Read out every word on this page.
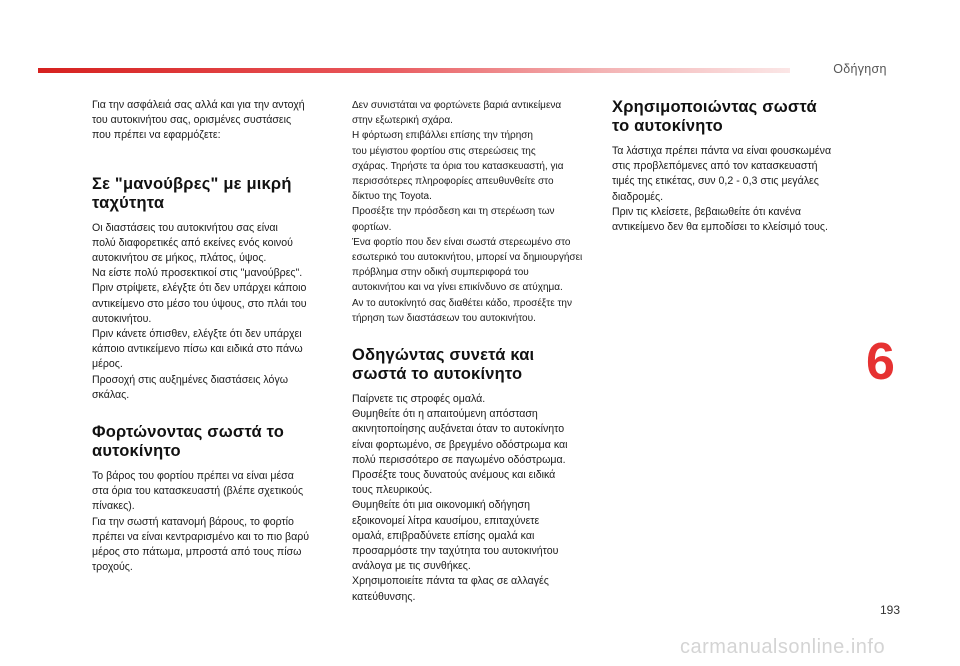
Οδήγηση
6
193

Για την ασφάλειά σας αλλά και για την αντοχή
του αυτοκινήτου σας, ορισμένες συστάσεις
που πρέπει να εφαρμόζετε:

Σε "μανούβρες" με μικρή
ταχύτητα

Οι διαστάσεις του αυτοκινήτου σας είναι
πολύ διαφορετικές από εκείνες ενός κοινού
αυτοκινήτου σε μήκος, πλάτος, ύψος.
Να είστε πολύ προσεκτικοί στις "μανούβρες".
Πριν στρίψετε, ελέγξτε ότι δεν υπάρχει κάποιο
αντικείμενο στο μέσο του ύψους, στο πλάι του
αυτοκινήτου.
Πριν κάνετε όπισθεν, ελέγξτε ότι δεν υπάρχει
κάποιο αντικείμενο πίσω και ειδικά στο πάνω
μέρος.
Προσοχή στις αυξημένες διαστάσεις λόγω
σκάλας.

Φορτώνοντας σωστά το
αυτοκίνητο

Το βάρος του φορτίου πρέπει να είναι μέσα
στα όρια του κατασκευαστή (βλέπε σχετικούς
πίνακες).
Για την σωστή κατανομή βάρους, το φορτίο
πρέπει να είναι κεντραρισμένο και το πιο βαρύ
μέρος στο πάτωμα, μπροστά από τους πίσω
τροχούς.

Δεν συνιστάται να φορτώνετε βαριά αντικείμενα
στην εξωτερική σχάρα.
Η φόρτωση επιβάλλει επίσης την τήρηση
του μέγιστου φορτίου στις στερεώσεις της
σχάρας. Τηρήστε τα όρια του κατασκευαστή, για
περισσότερες πληροφορίες απευθυνθείτε στο
δίκτυο της Toyota.
Προσέξτε την πρόσδεση και τη στερέωση των
φορτίων.
Ένα φορτίο που δεν είναι σωστά στερεωμένο στο
εσωτερικό του αυτοκινήτου, μπορεί να δημιουργήσει
πρόβλημα στην οδική συμπεριφορά του
αυτοκινήτου και να γίνει επικίνδυνο σε ατύχημα.
Αν το αυτοκίνητό σας διαθέτει κάδο, προσέξτε την
τήρηση των διαστάσεων του αυτοκινήτου.

Οδηγώντας συνετά και
σωστά το αυτοκίνητο

Παίρνετε τις στροφές ομαλά.
Θυμηθείτε ότι η απαιτούμενη απόσταση
ακινητοποίησης αυξάνεται όταν το αυτοκίνητο
είναι φορτωμένο, σε βρεγμένο οδόστρωμα και
πολύ περισσότερο σε παγωμένο οδόστρωμα.
Προσέξτε τους δυνατούς ανέμους και ειδικά
τους πλευρικούς.
Θυμηθείτε ότι μια οικονομική οδήγηση
εξοικονομεί λίτρα καυσίμου, επιταχύνετε
ομαλά, επιβραδύνετε επίσης ομαλά και
προσαρμόστε την ταχύτητα του αυτοκινήτου
ανάλογα με τις συνθήκες.
Χρησιμοποιείτε πάντα τα φλας σε αλλαγές
κατεύθυνσης.

Χρησιμοποιώντας σωστά
το αυτοκίνητο

Τα λάστιχα πρέπει πάντα να είναι φουσκωμένα
στις προβλεπόμενες από τον κατασκευαστή
τιμές της ετικέτας, συν 0,2 - 0,3 στις μεγάλες
διαδρομές.
Πριν τις κλείσετε, βεβαιωθείτε ότι κανένα
αντικείμενο δεν θα εμποδίσει το κλείσιμό τους.

carmanualsonline.info
